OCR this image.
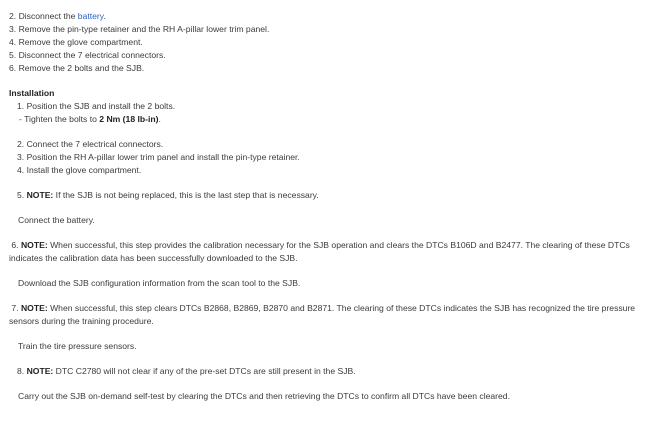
2. Disconnect the battery.
3. Remove the pin-type retainer and the RH A-pillar lower trim panel.
4. Remove the glove compartment.
5. Disconnect the 7 electrical connectors.
6. Remove the 2 bolts and the SJB.
Installation
1. Position the SJB and install the 2 bolts.
- Tighten the bolts to 2 Nm (18 lb-in).
2. Connect the 7 electrical connectors.
3. Position the RH A-pillar lower trim panel and install the pin-type retainer.
4. Install the glove compartment.
5. NOTE: If the SJB is not being replaced, this is the last step that is necessary.
Connect the battery.
6. NOTE: When successful, this step provides the calibration necessary for the SJB operation and clears the DTCs B106D and B2477. The clearing of these DTCs indicates the calibration data has been successfully downloaded to the SJB.
Download the SJB configuration information from the scan tool to the SJB.
7. NOTE: When successful, this step clears DTCs B2868, B2869, B2870 and B2871. The clearing of these DTCs indicates the SJB has recognized the tire pressure sensors during the training procedure.
Train the tire pressure sensors.
8. NOTE: DTC C2780 will not clear if any of the pre-set DTCs are still present in the SJB.
Carry out the SJB on-demand self-test by clearing the DTCs and then retrieving the DTCs to confirm all DTCs have been cleared.
